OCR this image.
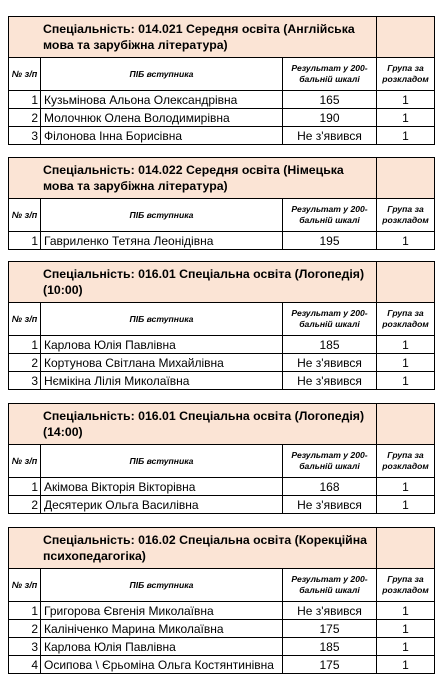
Спеціальність: 014.021 Середня освіта (Англійська мова та зарубіжна література)			
№ з/п	ПІБ вступника	Результат у 200-бальній шкалі	Група за розкладом
1	Кузьмінова Альона Олександрівна	165	1
2	Молочнюк Олена Володимирівна	190	1
3	Філонова Інна Борисівна	Не з'явився	1
Спеціальність: 014.022 Середня освіта (Німецька мова та зарубіжна література)			
№ з/п	ПІБ вступника	Результат у 200-бальній шкалі	Група за розкладом
1	Гавриленко Тетяна Леонідівна	195	1
Спеціальність: 016.01 Спеціальна освіта (Логопедія) (10:00)			
№ з/п	ПІБ вступника	Результат у 200-бальній шкалі	Група за розкладом
1	Карлова Юлія Павлівна	185	1
2	Кортунова Світлана Михайлівна	Не з'явився	1
3	Нємікіна Лілія Миколаївна	Не з'явився	1
Спеціальність: 016.01 Спеціальна освіта (Логопедія) (14:00)			
№ з/п	ПІБ вступника	Результат у 200-бальній шкалі	Група за розкладом
1	Акімова Вікторія Вікторівна	168	1
2	Десятерик Ольга Василівна	Не з'явився	1
Спеціальність: 016.02 Спеціальна освіта (Корекційна психопедагогіка)			
№ з/п	ПІБ вступника	Результат у 200-бальній шкалі	Група за розкладом
1	Григорова Євгенія Миколаївна	Не з'явився	1
2	Калініченко Марина Миколаївна	175	1
3	Карлова Юлія Павлівна	185	1
4	Осипова \ Єрьоміна Ольга Костянтинівна	175	1
